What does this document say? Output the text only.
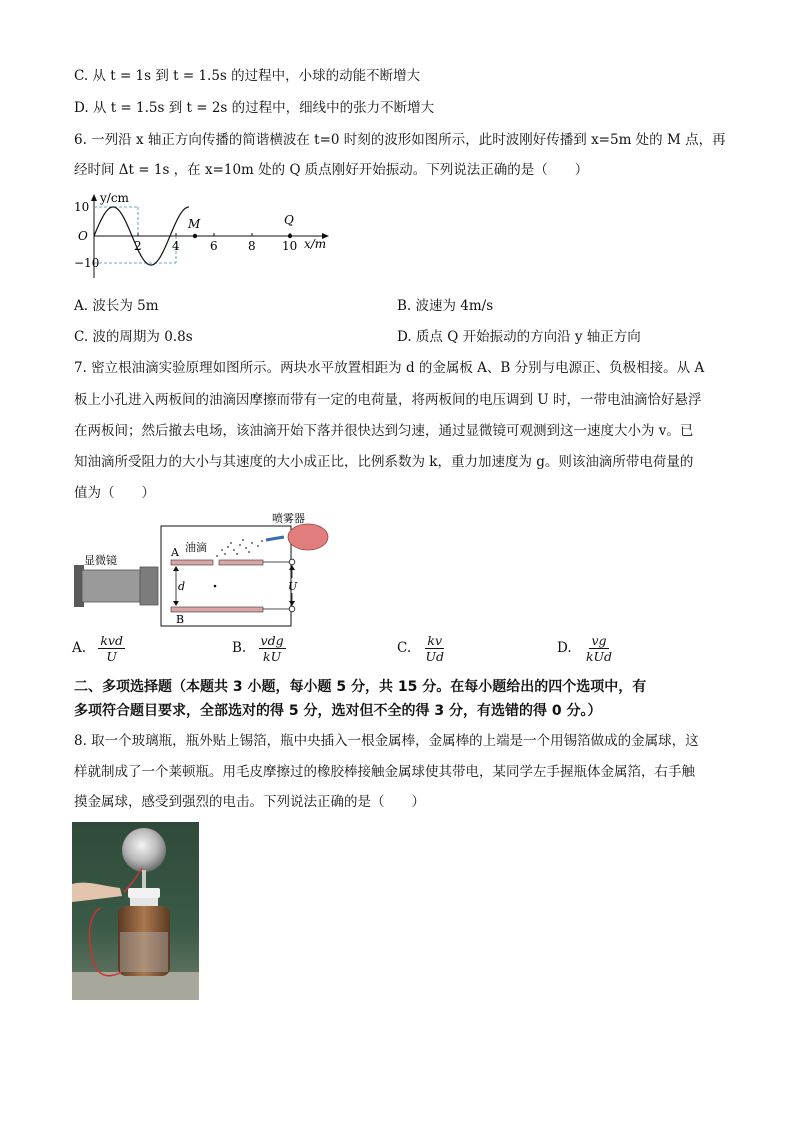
C. 从 t = 1s 到 t = 1.5s 的过程中，小球的动能不断增大
D. 从 t = 1.5s 到 t = 2s 的过程中，细线中的张力不断增大
6. 一列沿 x 轴正方向传播的简谐横波在 t=0 时刻的波形如图所示，此时波刚好传播到 x=5m 处的 M 点，再
经时间 Δt = 1s ，在 x=10m 处的 Q 质点刚好开始振动。下列说法正确的是（　　）
y/cm
x/m
10
O
−10
2	4	6	8 10
M	Q
A. 波长为 5m	B. 波速为 4m/s
C. 波的周期为 0.8s	D. 质点 Q 开始振动的方向沿 y 轴正方向
7. 密立根油滴实验原理如图所示。两块水平放置相距为 d 的金属板 A、B 分别与电源正、负极相接。从 A
板上小孔进入两板间的油滴因摩擦而带有一定的电荷量，将两板间的电压调到 U 时，一带电油滴恰好悬浮
在两板间；然后撤去电场，该油滴开始下落并很快达到匀速，通过显微镜可观测到这一速度大小为 v。已
知油滴所受阻力的大小与其速度的大小成正比，比例系数为 k，重力加速度为 g。则该油滴所带电荷量的
值为（　　）
显微镜
A 油滴
B
d
喷雾器
U
A. $\frac{\text{kvd}}{U}$	B. $\frac{\text{vdg}}{kU}$	C. $\frac{kv}{Ud}$	D. $\frac{vg}{\text{kUd}}$
二、多项选择题（本题共 3 小题，每小题 5 分，共 15 分。在每小题给出的四个选项中，有
多项符合题目要求，全部选对的得 5 分，选对但不全的得 3 分，有选错的得 0 分。）
8. 取一个玻璃瓶，瓶外贴上锡箔，瓶中央插入一根金属棒，金属棒的上端是一个用锡箔做成的金属球，这
样就制成了一个莱顿瓶。用毛皮摩擦过的橡胶棒接触金属球使其带电，某同学左手握瓶体金属箔，右手触
摸金属球，感受到强烈的电击。下列说法正确的是（　　）
